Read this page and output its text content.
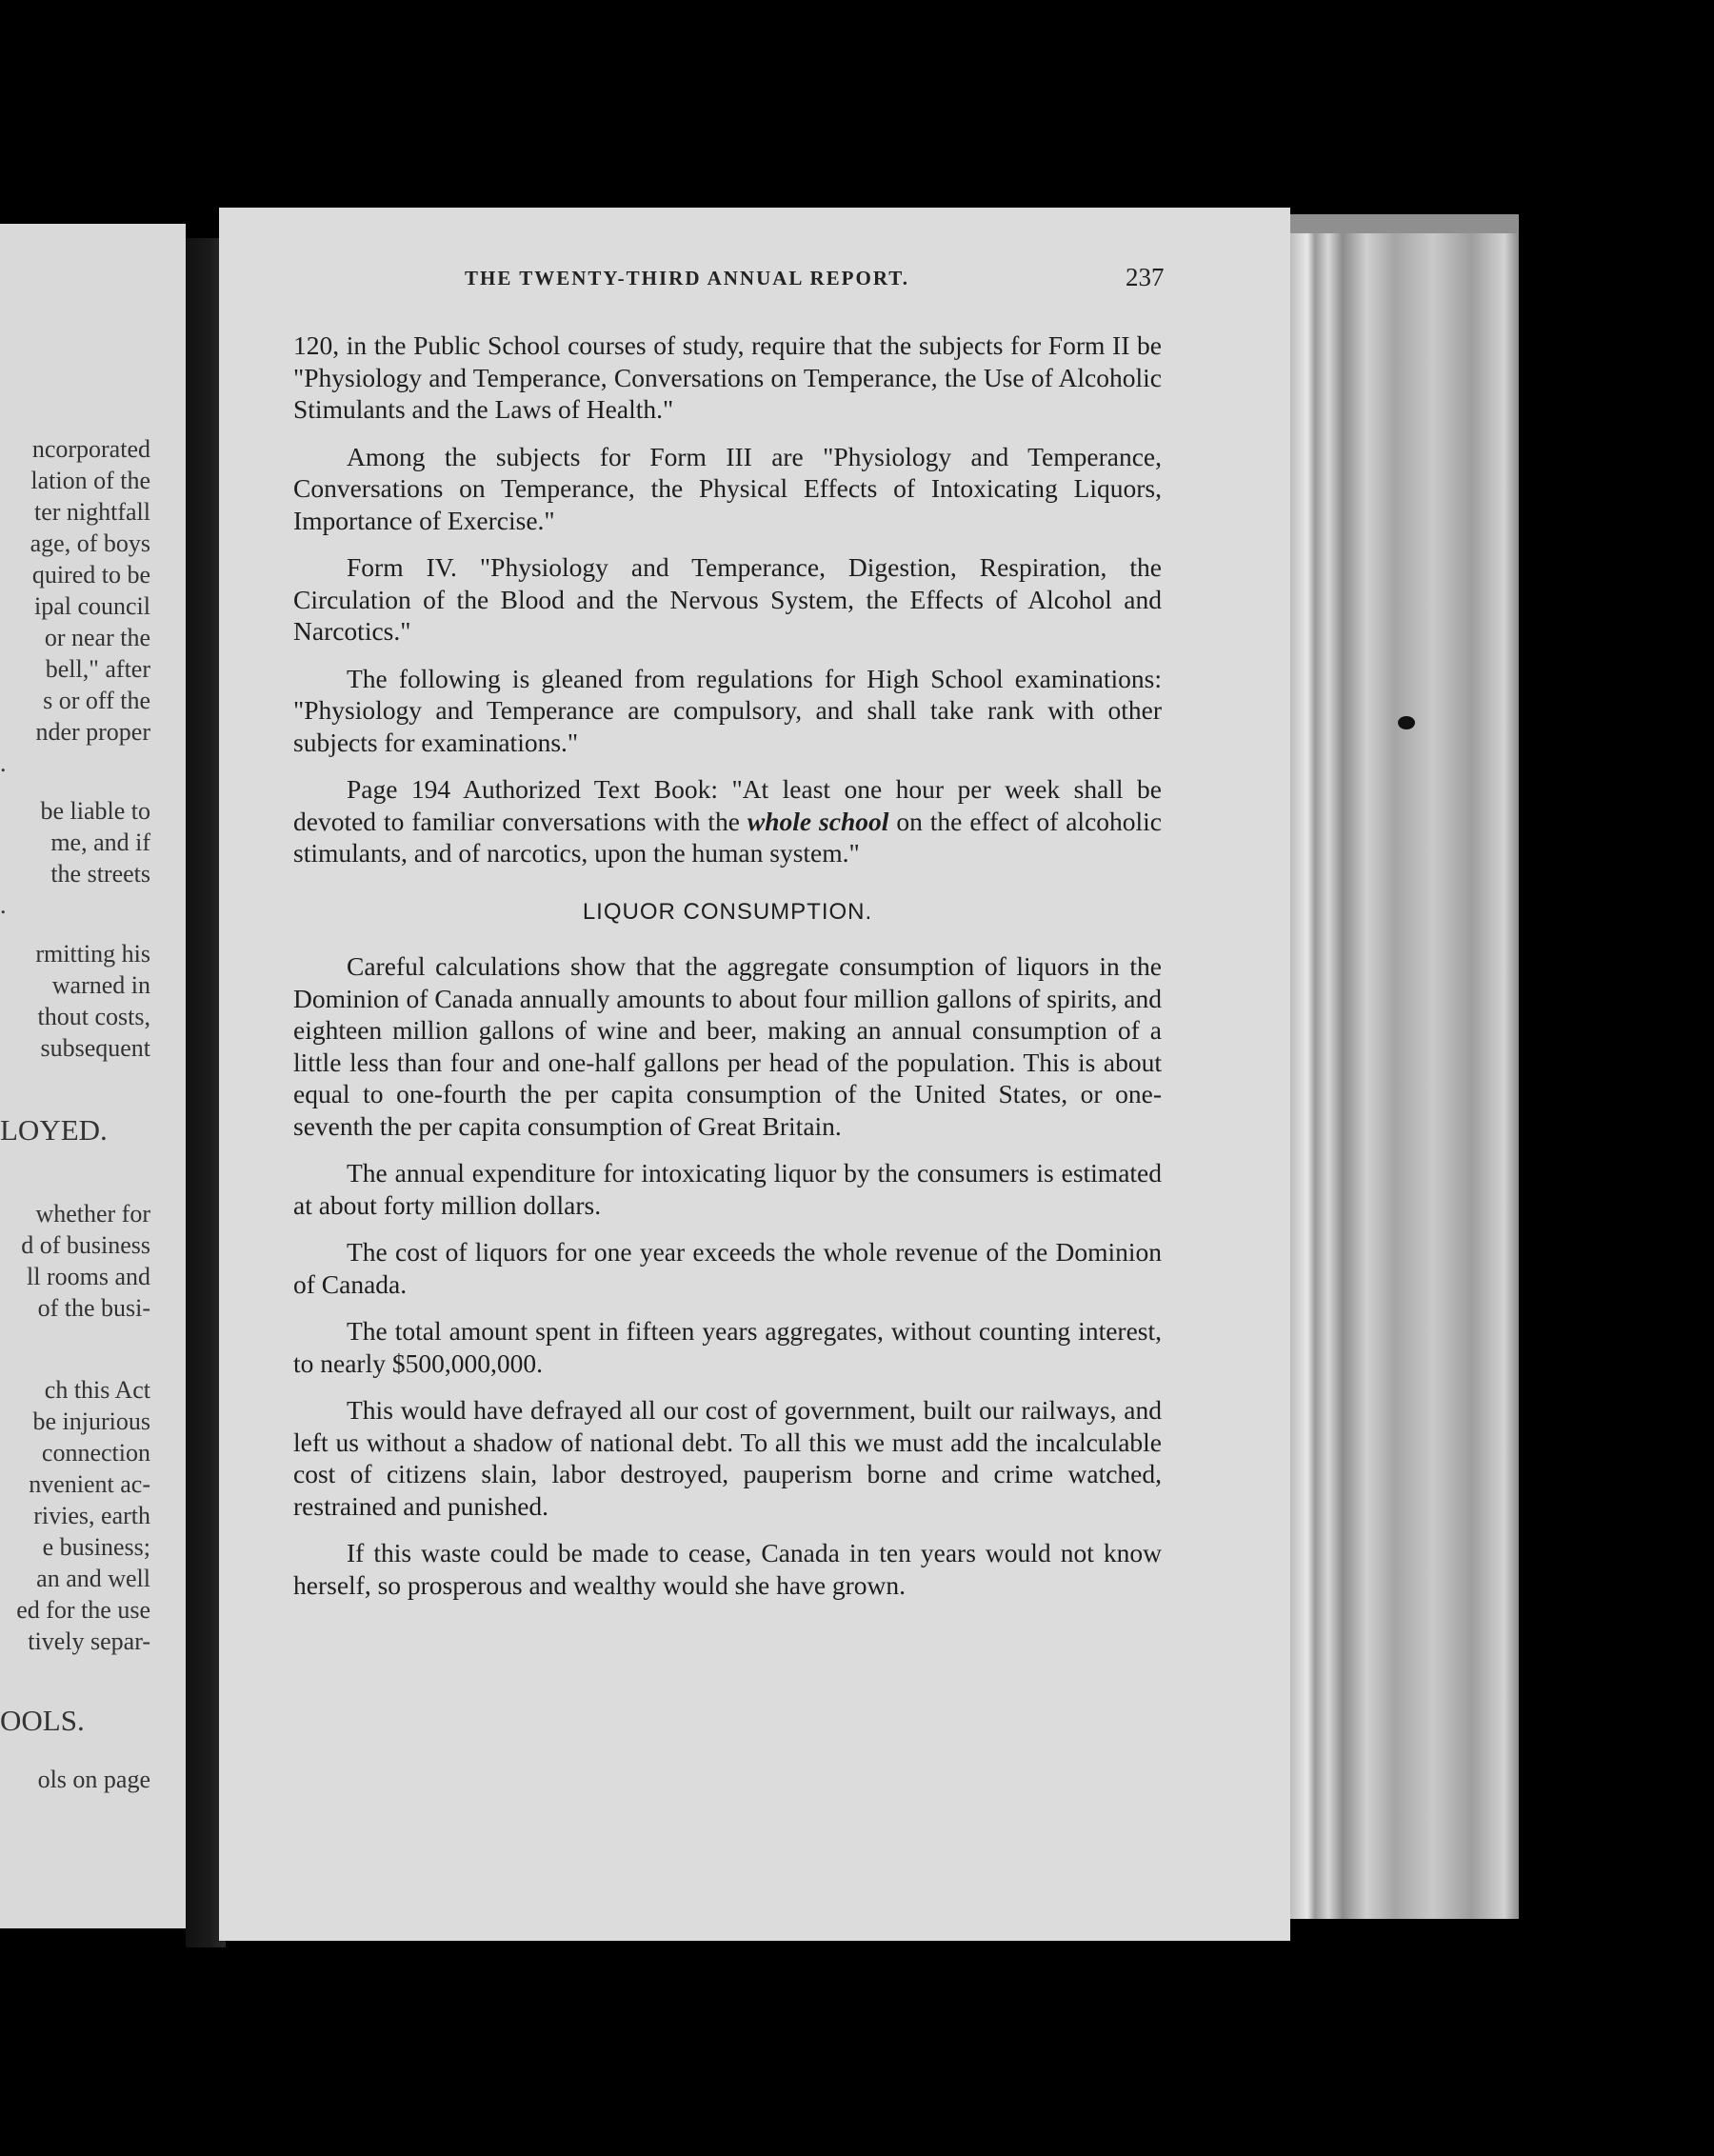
ncorporated
lation of the
ter nightfall
age, of boys
quired to be
ipal council
or near the
bell," after
s or off the
nder proper
.
be liable to
me, and if
the streets
.
rmitting his
warned in
thout costs,
subsequent
LOYED.
whether for
d of business
ll rooms and
of the busi-
ch this Act
be injurious
connection
nvenient ac-
rivies, earth
e business;
an and well
ed for the use
tively separ-
OOLS.
ols on page
THE TWENTY-THIRD ANNUAL REPORT.	237

120, in the Public School courses of study, require that the subjects for Form II be "Physiology and Temperance, Conversations on Temperance, the Use of Alcoholic Stimulants and the Laws of Health."

Among the subjects for Form III are "Physiology and Temperance, Conversations on Temperance, the Physical Effects of Intoxicating Liquors, Importance of Exercise."

Form IV. "Physiology and Temperance, Digestion, Respiration, the Circulation of the Blood and the Nervous System, the Effects of Alcohol and Narcotics."

The following is gleaned from regulations for High School examinations: "Physiology and Temperance are compulsory, and shall take rank with other subjects for examinations."

Page 194 Authorized Text Book: "At least one hour per week shall be devoted to familiar conversations with the whole school on the effect of alcoholic stimulants, and of narcotics, upon the human system."

LIQUOR CONSUMPTION.

Careful calculations show that the aggregate consumption of liquors in the Dominion of Canada annually amounts to about four million gallons of spirits, and eighteen million gallons of wine and beer, making an annual consumption of a little less than four and one-half gallons per head of the population. This is about equal to one-fourth the per capita consumption of the United States, or one-seventh the per capita consumption of Great Britain.

The annual expenditure for intoxicating liquor by the consumers is estimated at about forty million dollars.

The cost of liquors for one year exceeds the whole revenue of the Dominion of Canada.

The total amount spent in fifteen years aggregates, without counting interest, to nearly $500,000,000.

This would have defrayed all our cost of government, built our railways, and left us without a shadow of national debt. To all this we must add the incalculable cost of citizens slain, labor destroyed, pauperism borne and crime watched, restrained and punished.

If this waste could be made to cease, Canada in ten years would not know herself, so prosperous and wealthy would she have grown.
